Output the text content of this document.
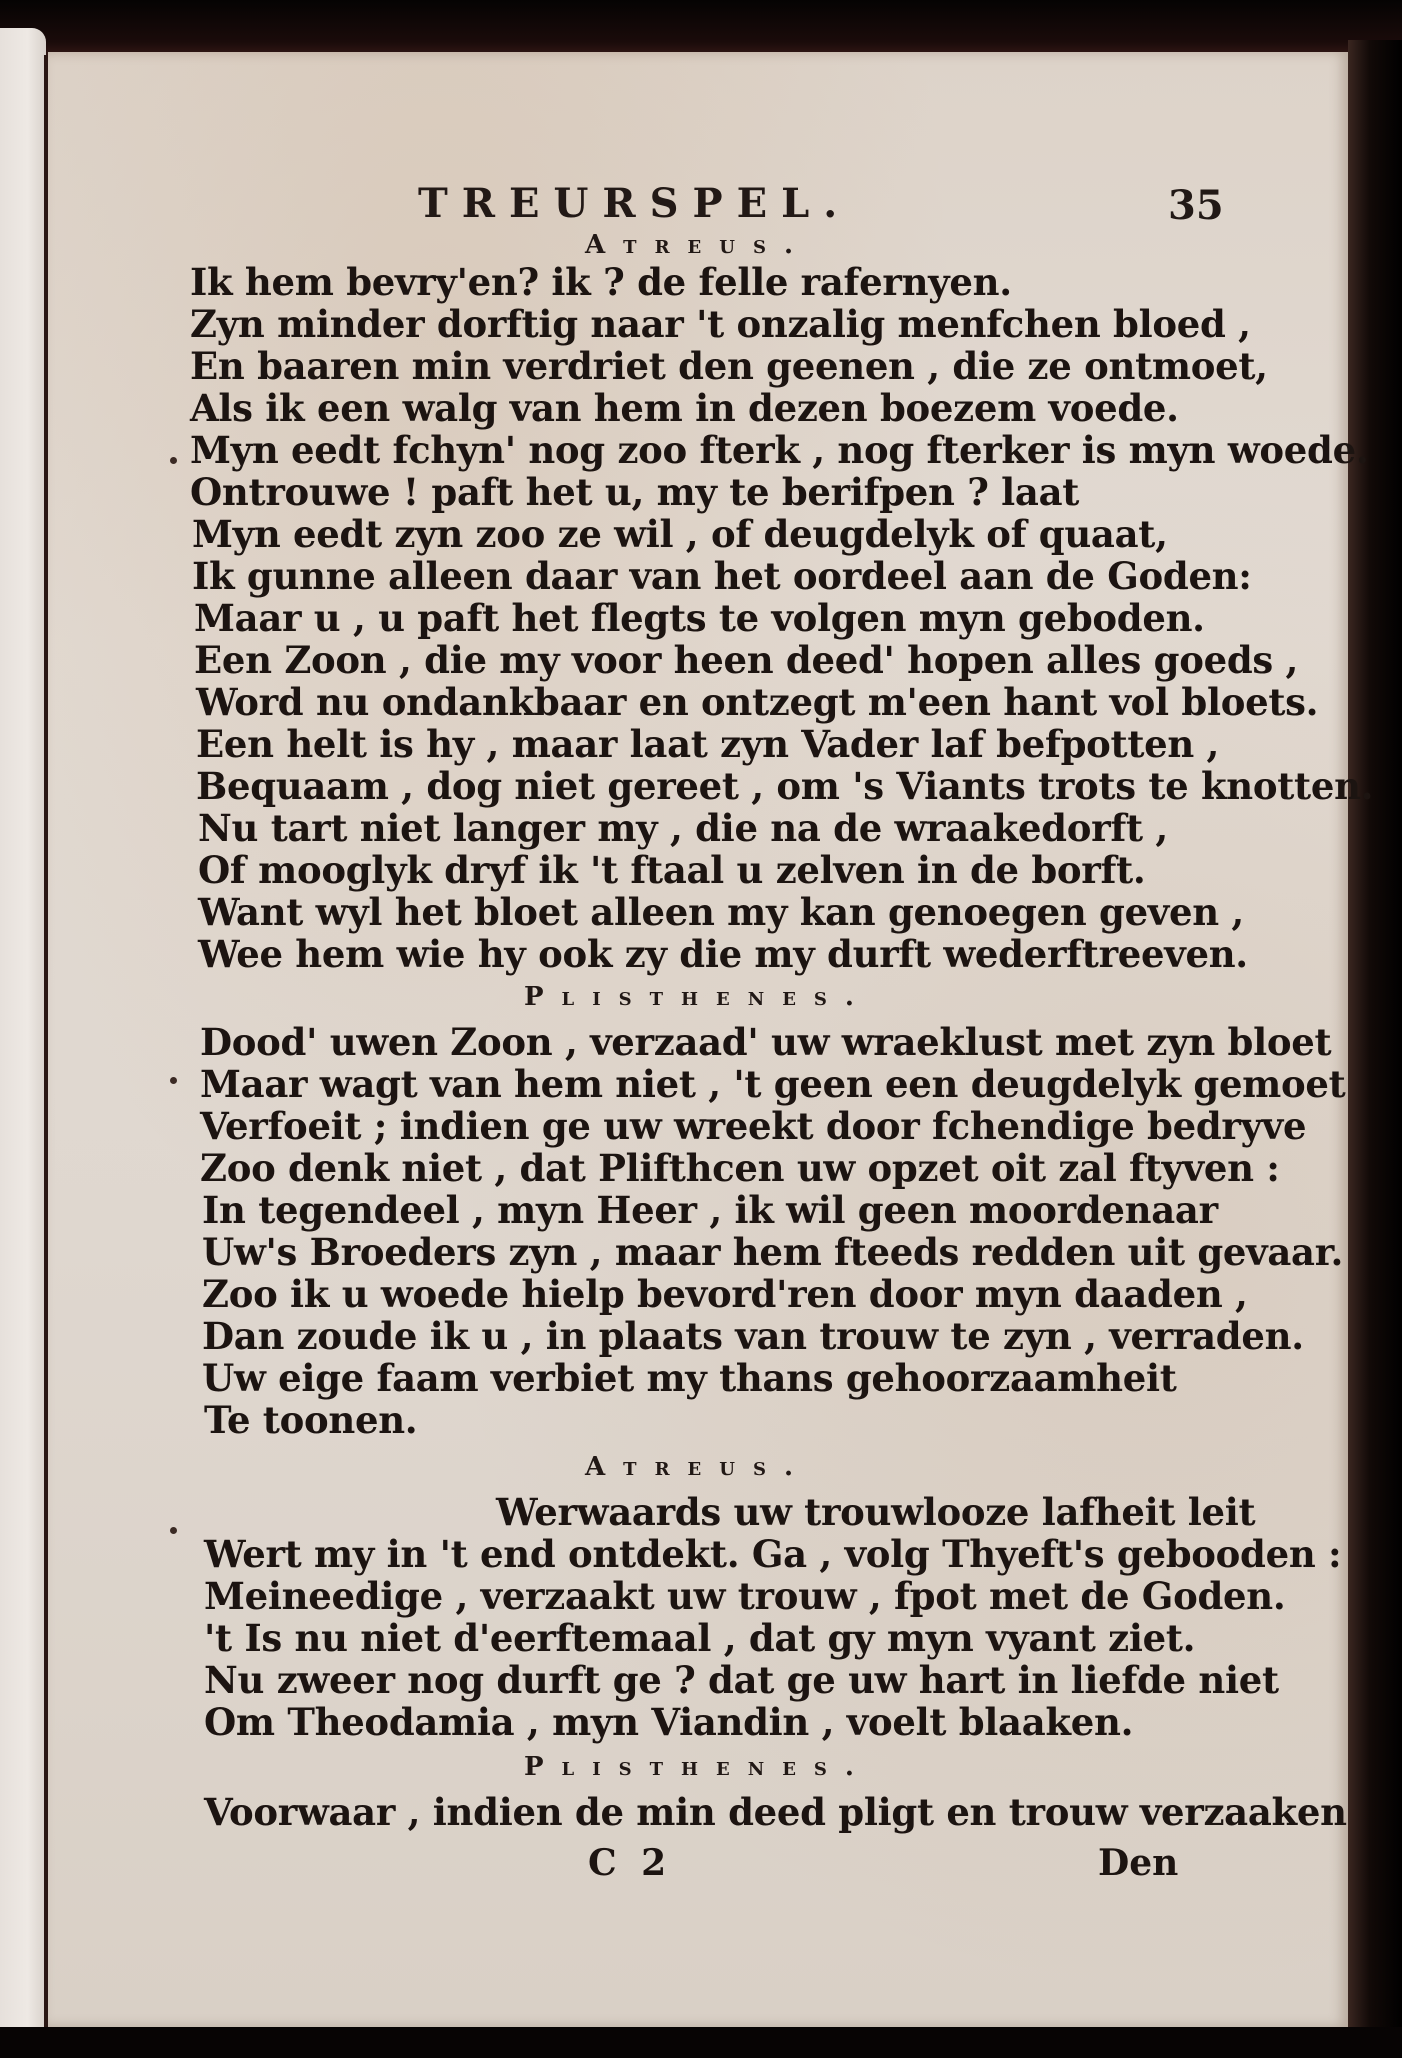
TREURSPEL.	35
Atreus.
Ik hem bevry'en? ik ? de felle rafernyen.
Zyn minder dorftig naar 't onzalig menfchen bloed ,
En baaren min verdriet den geenen , die ze ontmoet,
Als ik een walg van hem in dezen boezem voede.
Myn eedt fchyn' nog zoo fterk , nog fterker is myn woede.
Ontrouwe ! paft het u, my te berifpen ? laat
Myn eedt zyn zoo ze wil , of deugdelyk of quaat,
Ik gunne alleen daar van het oordeel aan de Goden:
Maar u , u paft het flegts te volgen myn geboden.
Een Zoon , die my voor heen deed' hopen alles goeds ,
Word nu ondankbaar en ontzegt m'een hant vol bloets.
Een helt is hy , maar laat zyn Vader laf befpotten ,
Bequaam , dog niet gereet , om 's Viants trots te knotten.
Nu tart niet langer my , die na de wraakedorft ,
Of mooglyk dryf ik 't ftaal u zelven in de borft.
Want wyl het bloet alleen my kan genoegen geven ,
Wee hem wie hy ook zy die my durft wederftreeven.
Plisthenes.
Dood' uwen Zoon , verzaad' uw wraeklust met zyn bloet
Maar wagt van hem niet , 't geen een deugdelyk gemoet
Verfoeit ; indien ge uw wreekt door fchendige bedryve
Zoo denk niet , dat Plifthcen uw opzet oit zal ftyven :
In tegendeel , myn Heer , ik wil geen moordenaar
Uw's Broeders zyn , maar hem fteeds redden uit gevaar.
Zoo ik u woede hielp bevord'ren door myn daaden ,
Dan zoude ik u , in plaats van trouw te zyn , verraden.
Uw eige faam verbiet my thans gehoorzaamheit
Te toonen.
Atreus.
Werwaards uw trouwlooze lafheit leit
Wert my in 't end ontdekt. Ga , volg Thyeft's gebooden :
Meineedige , verzaakt uw trouw , fpot met de Goden.
't Is nu niet d'eerftemaal , dat gy myn vyant ziet.
Nu zweer nog durft ge ? dat ge uw hart in liefde niet
Om Theodamia , myn Viandin , voelt blaaken.
Plisthenes.
Voorwaar , indien de min deed pligt en trouw verzaaken
C 2	Den
